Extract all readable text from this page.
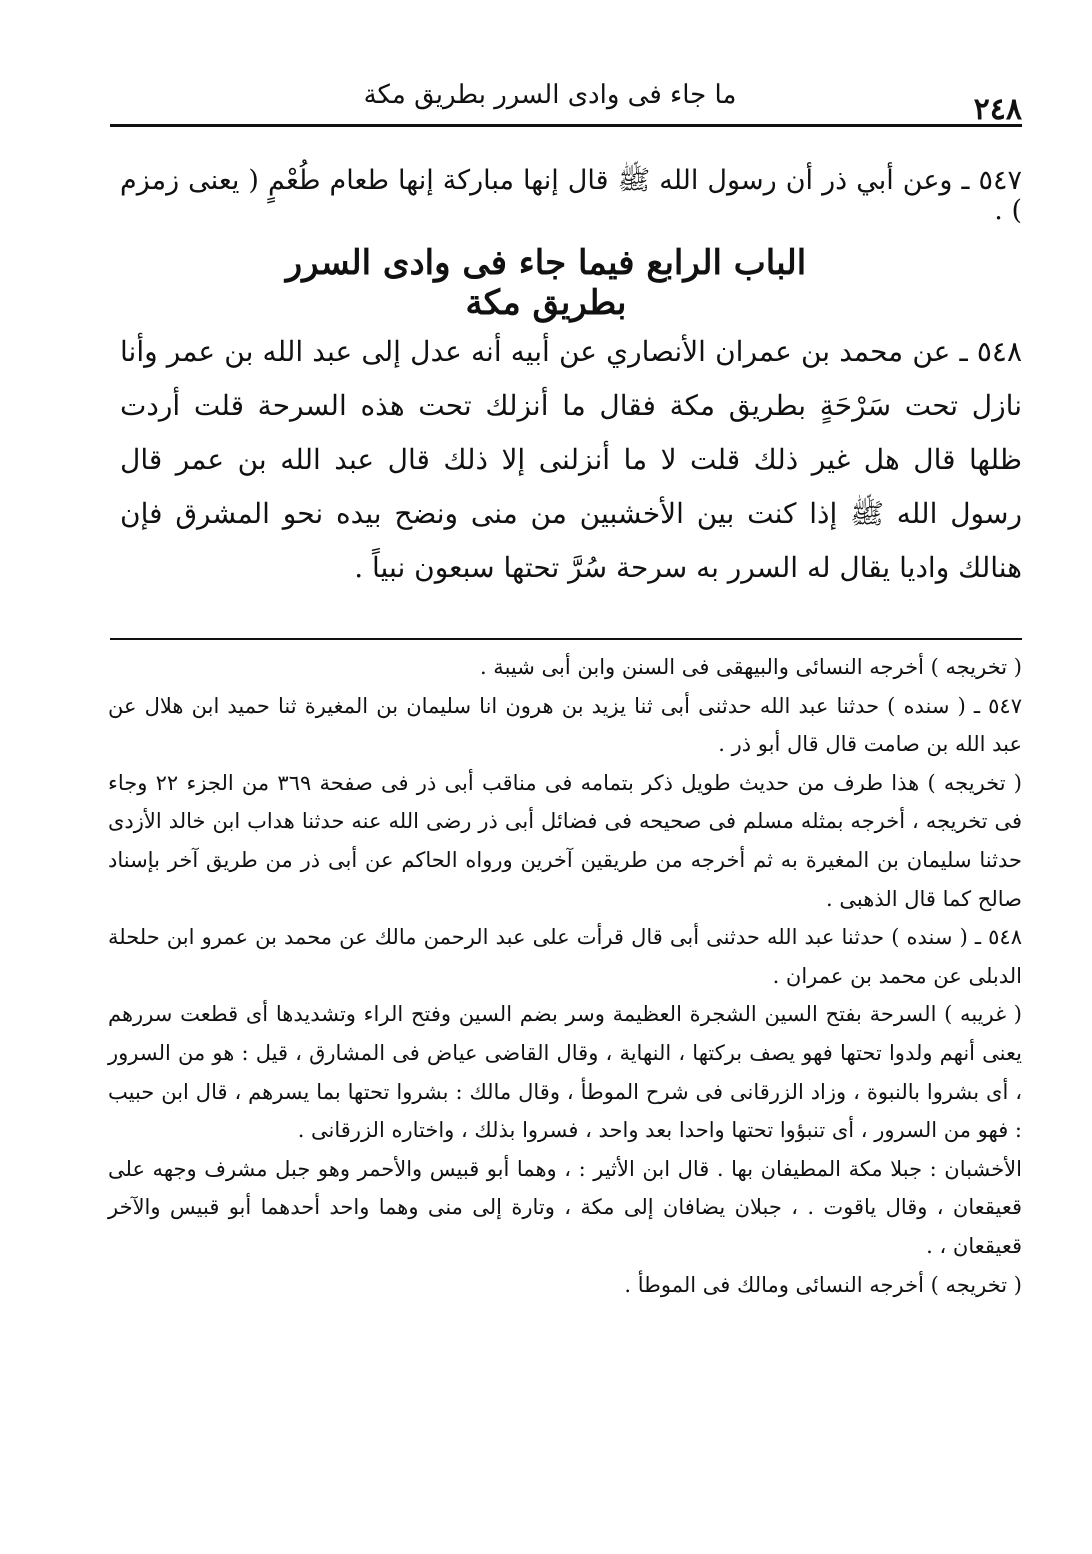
ما جاء فى وادى السرر بطريق مكة	٢٤٨
٥٤٧ ـ وعن أبي ذر أن رسول الله ﷺ قال إنها مباركة إنها طعام طُعْمٍ ( يعنى زمزم ) .
الباب الرابع فيما جاء فى وادى السرر بطريق مكة
٥٤٨ ـ عن محمد بن عمران الأنصاري عن أبيه أنه عدل إلى عبد الله بن عمر وأنا نازل تحت سَرْحَةٍ بطريق مكة فقال ما أنزلك تحت هذه السرحة قلت أردت ظلها قال هل غير ذلك قلت لا ما أنزلنى إلا ذلك قال عبد الله بن عمر قال رسول الله ﷺ إذا كنت بين الأخشبين من منى ونضح بيده نحو المشرق فإن هنالك واديا يقال له السرر به سرحة سُرَّ تحتها سبعون نبياً .

( تخريجه ) أخرجه النسائى والبيهقى فى السنن وابن أبى شيبة .

٥٤٧ ـ ( سنده ) حدثنا عبد الله حدثنى أبى ثنا يزيد بن هرون انا سليمان بن المغيرة ثنا حميد ابن هلال عن عبد الله بن صامت قال قال أبو ذر .

( تخريجه ) هذا طرف من حديث طويل ذكر بتمامه فى مناقب أبى ذر فى صفحة ٣٦٩ من الجزء ٢٢ وجاء فى تخريجه ، أخرجه بمثله مسلم فى صحيحه فى فضائل أبى ذر رضى الله عنه حدثنا هداب ابن خالد الأزدى حدثنا سليمان بن المغيرة به ثم أخرجه من طريقين آخرين ورواه الحاكم عن أبى ذر من طريق آخر بإسناد صالح كما قال الذهبى .

٥٤٨ ـ ( سنده ) حدثنا عبد الله حدثنى أبى قال قرأت على عبد الرحمن مالك عن محمد بن عمرو ابن حلحلة الدبلى عن محمد بن عمران .

( غريبه ) السرحة بفتح السين الشجرة العظيمة وسر بضم السين وفتح الراء وتشديدها أى قطعت سررهم يعنى أنهم ولدوا تحتها فهو يصف بركتها ، النهاية ، وقال القاضى عياض فى المشارق ، قيل : هو من السرور ، أى بشروا بالنبوة ، وزاد الزرقانى فى شرح الموطأ ، وقال مالك : بشروا تحتها بما يسرهم ، قال ابن حبيب : فهو من السرور ، أى تنبؤوا تحتها واحدا بعد واحد ، فسروا بذلك ، واختاره الزرقانى .

الأخشبان : جبلا مكة المطيفان بها . قال ابن الأثير : ، وهما أبو قبيس والأحمر وهو جبل مشرف وجهه على قعيقعان ، وقال ياقوت . ، جبلان يضافان إلى مكة ، وتارة إلى منى وهما واحد أحدهما أبو قبيس والآخر قعيقعان ، .

( تخريجه ) أخرجه النسائى ومالك فى الموطأ .
